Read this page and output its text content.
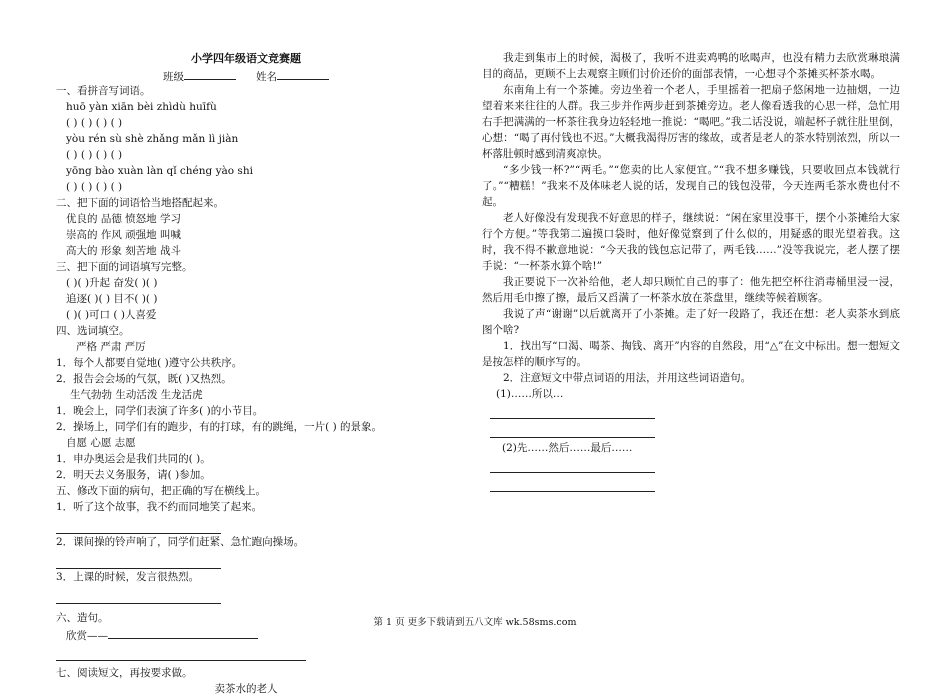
小学四年级语文竞赛题
班级	姓名
一、看拼音写词语。
huō yàn xiān bèi zhìdù huīfù
( ) ( ) ( ) ( )
yòu rén sù shè zhǎng mǎn lì jiàn
( ) ( ) ( ) ( )
yōng bào xuàn làn qǐ chéng yào shi
( ) ( ) ( ) ( )
二、把下面的词语恰当地搭配起来。
优良的 品德 愤怒地 学习
崇高的 作风 顽强地 叫喊
高大的 形象 刻苦地 战斗
三、把下面的词语填写完整。
( )( )升起 奋发( )( )
追逐( )( ) 目不( )( )
( )( )可口 ( )人喜爱
四、选词填空。
严格 严肃 严厉
1．每个人都要自觉地( )遵守公共秩序。
2．报告会会场的气氛，既( )又热烈。
生气勃勃 生动活泼 生龙活虎
1．晚会上，同学们表演了许多( )的小节目。
2．操场上，同学们有的跑步，有的打球，有的跳绳，一片( ) 的景象。
自愿 心愿 志愿
1．申办奥运会是我们共同的( )。
2．明天去义务服务，请( )参加。
五、修改下面的病句，把正确的写在横线上。
1．听了这个故事，我不约而同地笑了起来。
2．课间操的铃声响了，同学们赶紧、急忙跑向操场。
3．上课的时候，发言很热烈。
六、造句。
欣赏——
七、阅读短文，再按要求做。
卖茶水的老人

我走到集市上的时候，渴极了，我听不进卖鸡鸭的吆喝声，也没有精力去欣赏琳琅满目的商品，更顾不上去观察主顾们讨价还价的面部表情，一心想寻个茶摊买杯茶水喝。

东南角上有一个茶摊。旁边坐着一个老人，手里摇着一把扇子悠闲地一边抽烟，一边望着来来往往的人群。我三步并作两步赶到茶摊旁边。老人像看透我的心思一样，急忙用右手把满满的一杯茶往我身边轻轻地一推说：“喝吧。”我二话没说，端起杯子就往肚里倒，心想：“喝了再付钱也不迟。”大概我渴得厉害的缘故，或者是老人的茶水特别浓烈，所以一杯落肚顿时感到清爽凉快。

“多少钱一杯?”“两毛。”“您卖的比人家便宜。”“我不想多赚钱，只要收回点本钱就行了。”“糟糕！”我来不及体味老人说的话，发现自己的钱包没带，今天连两毛茶水费也付不起。

老人好像没有发现我不好意思的样子，继续说：“闲在家里没事干，摆个小茶摊给大家行个方便。”等我第二遍摸口袋时，他好像觉察到了什么似的，用疑惑的眼光望着我。这时，我不得不歉意地说：“今天我的钱包忘记带了，两毛钱……”没等我说完，老人摆了摆手说：“一杯茶水算个啥!”

我正要说下一次补给他，老人却只顾忙自己的事了：他先把空杯往消毒桶里浸一浸，然后用毛巾擦了擦，最后又舀满了一杯茶水放在茶盘里，继续等候着顾客。

我说了声“谢谢”以后就离开了小茶摊。走了好一段路了，我还在想：老人卖茶水到底图个啥?

1．找出写“口渴、喝茶、掏钱、离开”内容的自然段，用“△”在文中标出。想一想短文是按怎样的顺序写的。

2．注意短文中带点词语的用法，并用这些词语造句。

(1)……所以…
(2)先……然后……最后……
第 1 页 更多下载请到五八文库 wk.58sms.com
